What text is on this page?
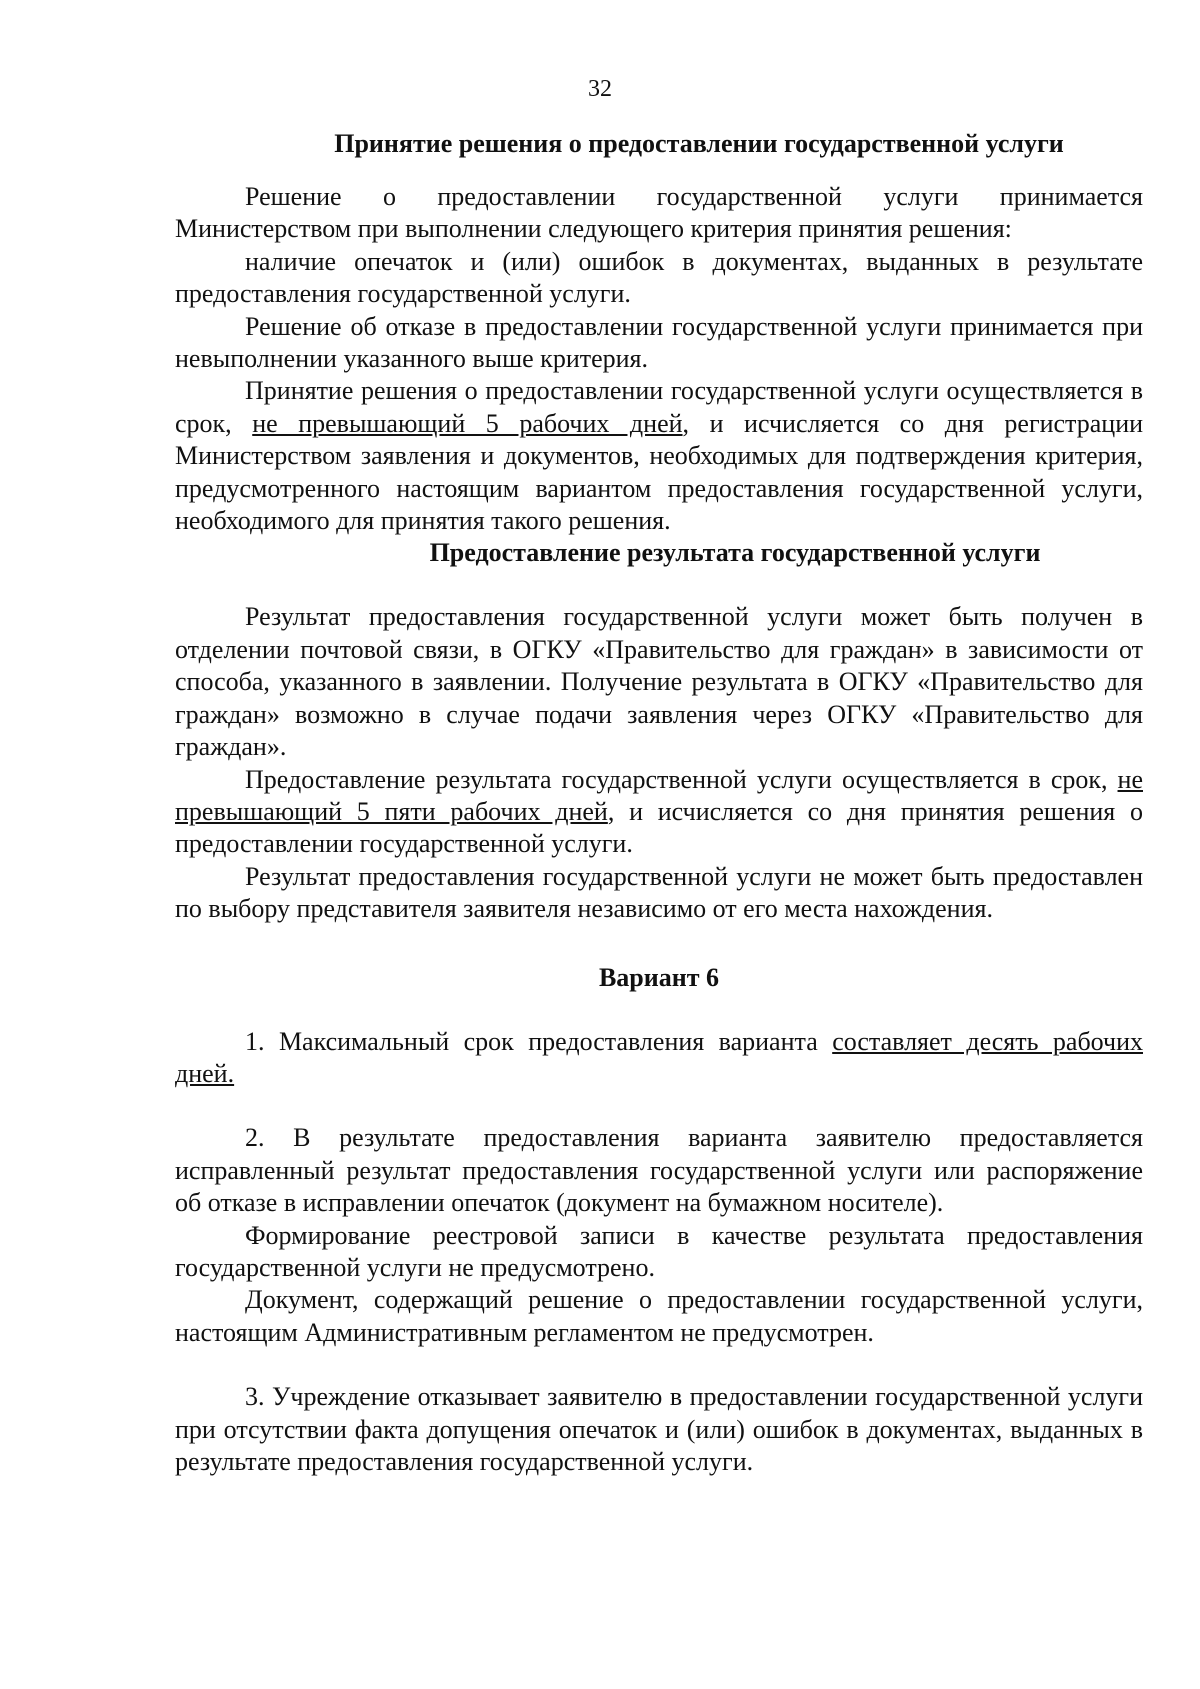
32
Принятие решения о предоставлении государственной услуги

Решение о предоставлении государственной услуги принимается Министерством при выполнении следующего критерия принятия решения:

наличие опечаток и (или) ошибок в документах, выданных в результате предоставления государственной услуги.

Решение об отказе в предоставлении государственной услуги принимается при невыполнении указанного выше критерия.

Принятие решения о предоставлении государственной услуги осуществляется в срок, не превышающий 5 рабочих дней, и исчисляется со дня регистрации Министерством заявления и документов, необходимых для подтверждения критерия, предусмотренного настоящим вариантом предоставления государственной услуги, необходимого для принятия такого решения.

Предоставление результата государственной услуги

Результат предоставления государственной услуги может быть получен в отделении почтовой связи, в ОГКУ «Правительство для граждан» в зависимости от способа, указанного в заявлении. Получение результата в ОГКУ «Правительство для граждан» возможно в случае подачи заявления через ОГКУ «Правительство для граждан».

Предоставление результата государственной услуги осуществляется в срок, не превышающий 5 пяти рабочих дней, и исчисляется со дня принятия решения о предоставлении государственной услуги.

Результат предоставления государственной услуги не может быть предоставлен по выбору представителя заявителя независимо от его места нахождения.

Вариант 6

1. Максимальный срок предоставления варианта составляет десять рабочих дней.

2. В результате предоставления варианта заявителю предоставляется исправленный результат предоставления государственной услуги или распоряжение об отказе в исправлении опечаток (документ на бумажном носителе).

Формирование реестровой записи в качестве результата предоставления государственной услуги не предусмотрено.

Документ, содержащий решение о предоставлении государственной услуги, настоящим Административным регламентом не предусмотрен.

3. Учреждение отказывает заявителю в предоставлении государственной услуги при отсутствии факта допущения опечаток и (или) ошибок в документах, выданных в результате предоставления государственной услуги.
